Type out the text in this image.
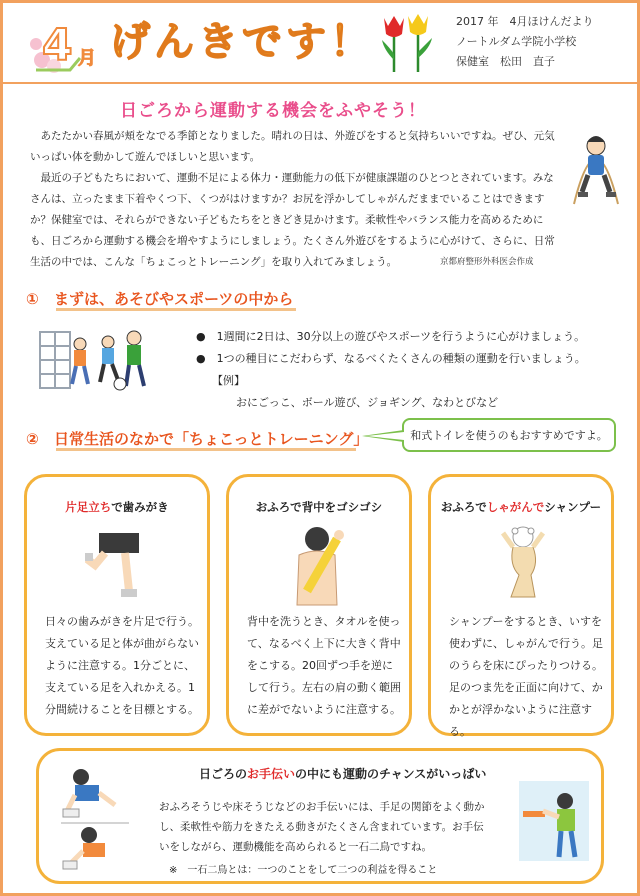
4 月 げんきです！	2017 年　4月ほけんだより
ノートルダム学院小学校
保健室　松田　直子
日ごろから運動する機会をふやそう！

あたたかい春風が頬をなでる季節となりました。晴れの日は、外遊びをすると気持ちいいですね。ぜひ、元気いっぱい体を動かして遊んでほしいと思います。

最近の子どもたちにおいて、運動不足による体力・運動能力の低下が健康課題のひとつとされています。みなさんは、立ったまま下着やくつ下、くつがはけますか？お尻を浮かしてしゃがんだままでいることはできますか？保健室では、それらができない子どもたちをときどき見かけます。柔軟性やバランス能力を高めるためにも、日ごろから運動する機会を増やすようにしましょう。たくさん外遊びをするように心がけて、さらに、日常生活の中では、こんな「ちょこっとトレーニング」を取り入れてみましょう。	京都府整形外科医会作成
① まずは、あそびやスポーツの中から
●　1週間に2日は、30分以上の遊びやスポーツを行うように心がけましょう。
●　1つの種目にこだわらず、なるべくたくさんの種類の運動を行いましょう。
【例】
おにごっこ、ボール遊び、ジョギング、なわとびなど
② 日常生活のなかで「ちょこっとトレーニング」	和式トイレを使うのもおすすめですよ。
片足立ちで歯みがき
日々の歯みがきを片足で行う。支えている足と体が曲がらないように注意する。1分ごとに、支えている足を入れかえる。1分間続けることを目標とする。
おふろで背中をゴシゴシ
背中を洗うとき、タオルを使って、なるべく上下に大きく背中をこする。20回ずつ手を逆にして行う。左右の肩の動く範囲に差がでないように注意する。
おふろでしゃがんでシャンプー
シャンプーをするとき、いすを使わずに、しゃがんで行う。足のうらを床にぴったりつける。足のつま先を正面に向けて、かかとが浮かないように注意する。
日ごろのお手伝いの中にも運動のチャンスがいっぱい
おふろそうじや床そうじなどのお手伝いには、手足の関節をよく動かし、柔軟性や筋力をきたえる動きがたくさん含まれています。お手伝いをしながら、運動機能を高められると一石二鳥ですね。
※　一石二鳥とは：一つのことをして二つの利益を得ること
